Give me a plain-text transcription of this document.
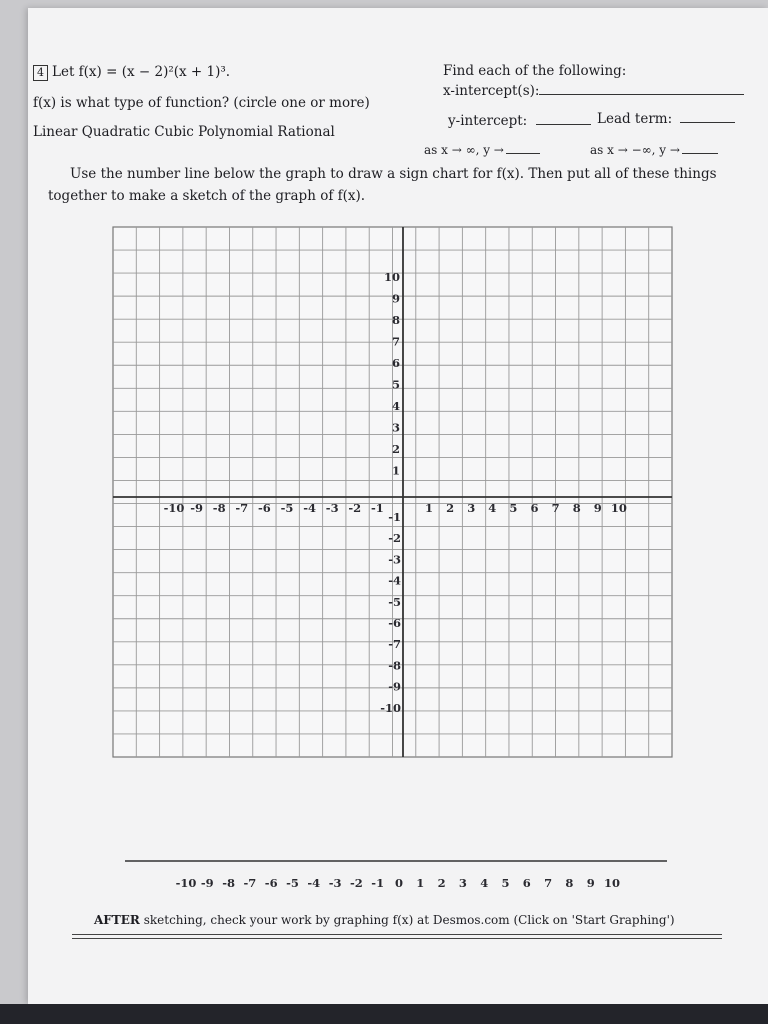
4 Let f(x) = (x − 2)²(x + 1)³.
f(x) is what type of function? (circle one or more)
Linear Quadratic Cubic Polynomial Rational
Find each of the following:
x-intercept(s):
y-intercept:	Lead term:
as x → ∞, y →	as x → −∞, y →
Use the number line below the graph to draw a sign chart for f(x). Then put all of these things
together to make a sketch of the graph of f(x).
-10 -9 -8 -7 -6 -5 -4 -3 -2 -1	1 2 3 4 5 6 7 8 9 10
10
9
8
7
6
5
4
3
2
1
-1
-2
-3
-4
-5
-6
-7
-8
-9
-10
-10 -9 -8 -7 -6 -5 -4 -3 -2 -1 0 1 2 3 4 5 6 7 8 9 10
AFTER sketching, check your work by graphing f(x) at Desmos.com (Click on 'Start Graphing')
